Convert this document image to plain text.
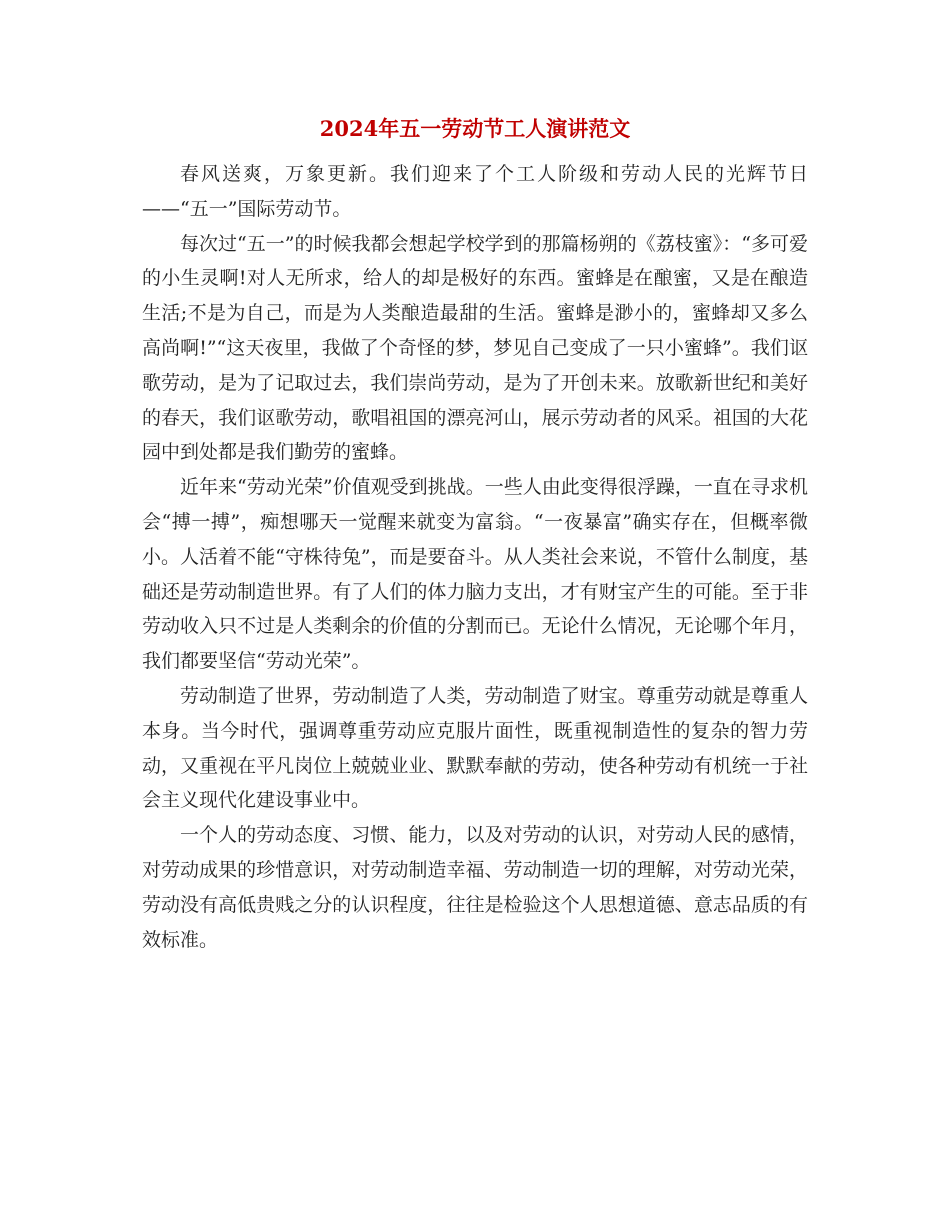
2024年五一劳动节工人演讲范文

春风送爽，万象更新。我们迎来了个工人阶级和劳动人民的光辉节日——“五一”国际劳动节。

每次过“五一”的时候我都会想起学校学到的那篇杨朔的《荔枝蜜》：“多可爱的小生灵啊!对人无所求，给人的却是极好的东西。蜜蜂是在酿蜜，又是在酿造生活;不是为自己，而是为人类酿造最甜的生活。蜜蜂是渺小的，蜜蜂却又多么高尚啊!”“这天夜里，我做了个奇怪的梦，梦见自己变成了一只小蜜蜂”。我们讴歌劳动，是为了记取过去，我们崇尚劳动，是为了开创未来。放歌新世纪和美好的春天，我们讴歌劳动，歌唱祖国的漂亮河山，展示劳动者的风采。祖国的大花园中到处都是我们勤劳的蜜蜂。

近年来“劳动光荣”价值观受到挑战。一些人由此变得很浮躁，一直在寻求机会“搏一搏”，痴想哪天一觉醒来就变为富翁。“一夜暴富”确实存在，但概率微小。人活着不能“守株待兔”，而是要奋斗。从人类社会来说，不管什么制度，基础还是劳动制造世界。有了人们的体力脑力支出，才有财宝产生的可能。至于非劳动收入只不过是人类剩余的价值的分割而已。无论什么情况，无论哪个年月，我们都要坚信“劳动光荣”。

劳动制造了世界，劳动制造了人类，劳动制造了财宝。尊重劳动就是尊重人本身。当今时代，强调尊重劳动应克服片面性，既重视制造性的复杂的智力劳动，又重视在平凡岗位上兢兢业业、默默奉献的劳动，使各种劳动有机统一于社会主义现代化建设事业中。

一个人的劳动态度、习惯、能力，以及对劳动的认识，对劳动人民的感情，对劳动成果的珍惜意识，对劳动制造幸福、劳动制造一切的理解，对劳动光荣，劳动没有高低贵贱之分的认识程度，往往是检验这个人思想道德、意志品质的有效标准。
